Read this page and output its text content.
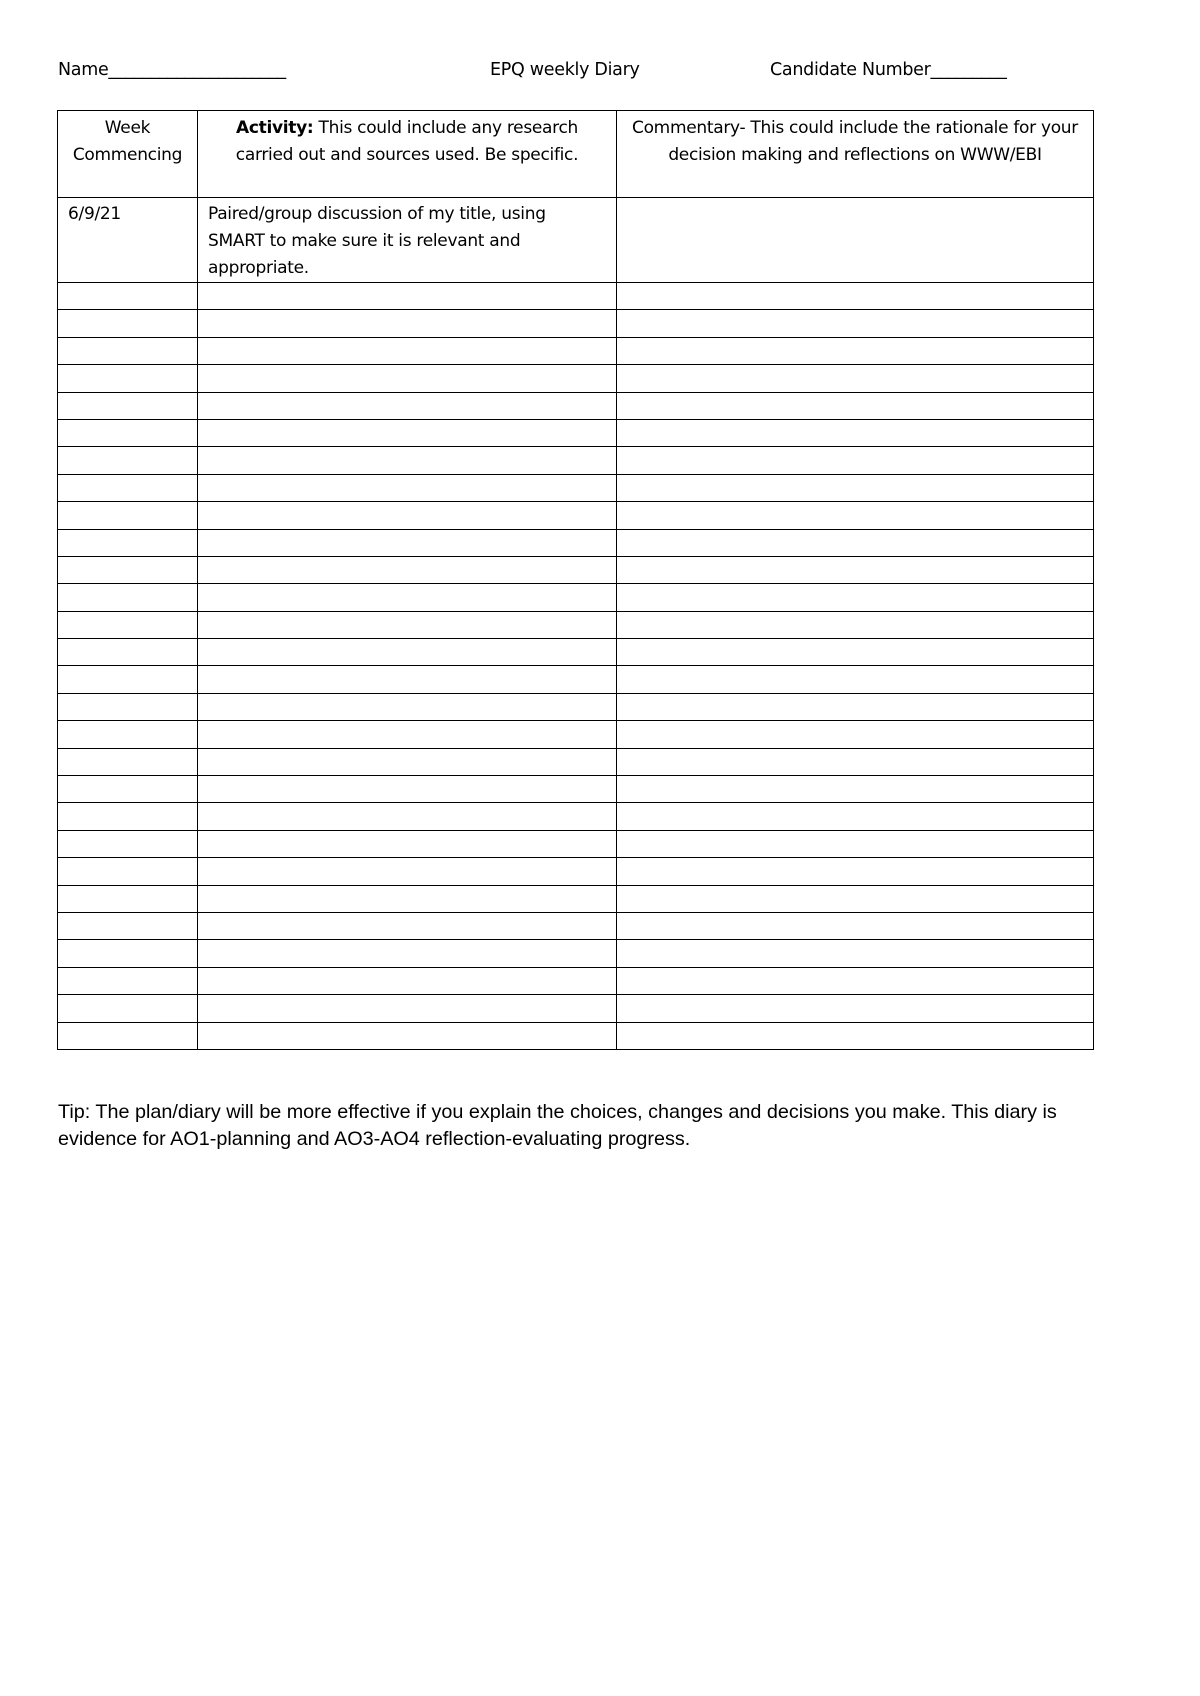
Name_____________________	EPQ weekly Diary	Candidate Number_________
Week Commencing	Activity: This could include any research carried out and sources used. Be specific.	Commentary- This could include the rationale for your decision making and reflections on WWW/EBI
6/9/21	Paired/group discussion of my title, using SMART to make sure it is relevant and appropriate.	

Tip: The plan/diary will be more effective if you explain the choices, changes and decisions you make. This diary is evidence for AO1-planning and AO3-AO4 reflection-evaluating progress.
